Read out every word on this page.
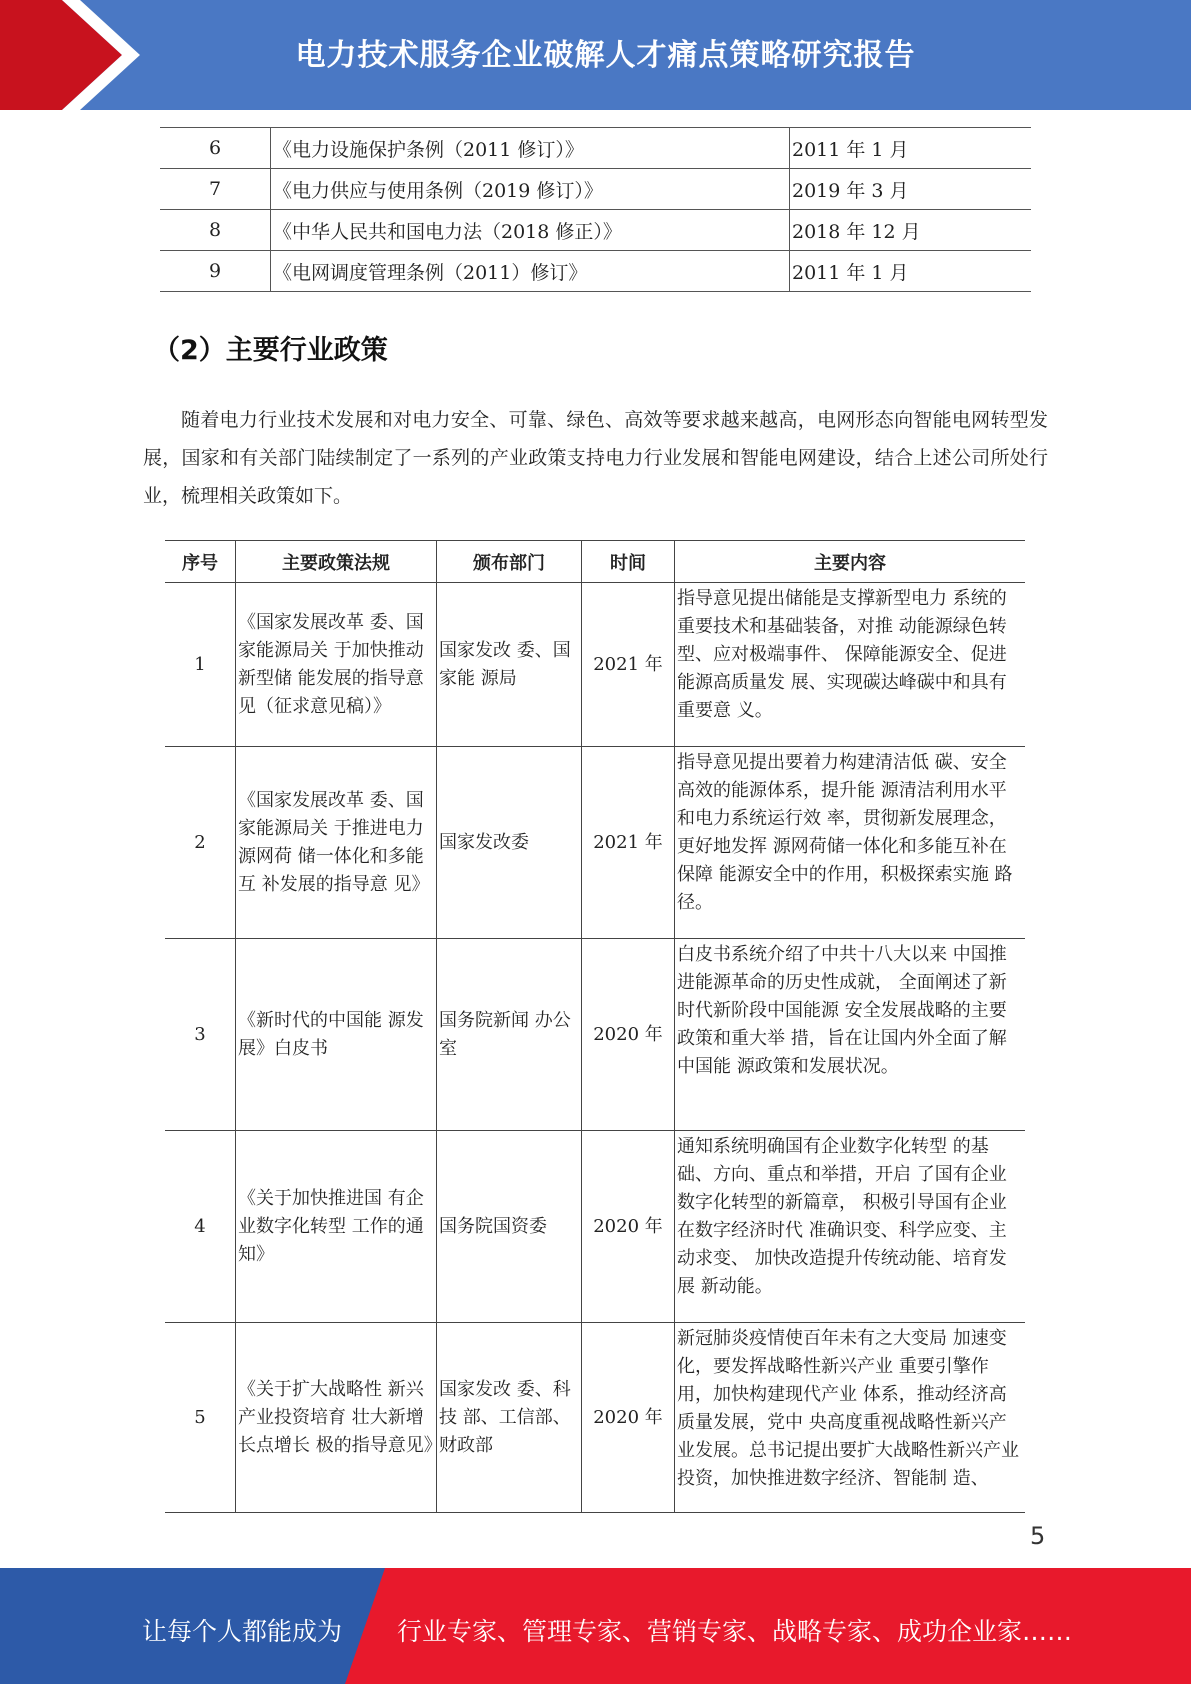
电力技术服务企业破解人才痛点策略研究报告
6	《电力设施保护条例（2011 修订）》	2011 年 1 月
7	《电力供应与使用条例（2019 修订）》	2019 年 3 月
8	《中华人民共和国电力法（2018 修正）》	2018 年 12 月
9	《电网调度管理条例（2011）修订》	2011 年 1 月
（2）主要行业政策

随着电力行业技术发展和对电力安全、可靠、绿色、高效等要求越来越高，电网形态向智能电网转型发展，国家和有关部门陆续制定了一系列的产业政策支持电力行业发展和智能电网建设，结合上述公司所处行业，梳理相关政策如下。

序号	主要政策法规	颁布部门	时间	主要内容
1	《国家发展改革 委、国家能源局关 于加快推动新型储 能发展的指导意见（征求意见稿）》	国家发改 委、国家能 源局	2021 年	指导意见提出储能是支撑新型电力 系统的重要技术和基础装备，对推 动能源绿色转型、应对极端事件、 保障能源安全、促进能源高质量发 展、实现碳达峰碳中和具有重要意 义。
2	《国家发展改革 委、国家能源局关 于推进电力源网荷 储一体化和多能互 补发展的指导意 见》	国家发改委	2021 年	指导意见提出要着力构建清洁低 碳、安全高效的能源体系，提升能 源清洁利用水平和电力系统运行效 率，贯彻新发展理念，更好地发挥 源网荷储一体化和多能互补在保障 能源安全中的作用，积极探索实施 路径。
3	《新时代的中国能 源发展》白皮书	国务院新闻 办公室	2020 年	白皮书系统介绍了中共十八大以来 中国推进能源革命的历史性成就， 全面阐述了新时代新阶段中国能源 安全发展战略的主要政策和重大举 措，旨在让国内外全面了解中国能 源政策和发展状况。
4	《关于加快推进国 有企业数字化转型 工作的通知》	国务院国资委	2020 年	通知系统明确国有企业数字化转型 的基础、方向、重点和举措，开启 了国有企业数字化转型的新篇章， 积极引导国有企业在数字经济时代 准确识变、科学应变、主动求变、 加快改造提升传统动能、培育发展 新动能。
5	《关于扩大战略性 新兴产业投资培育 壮大新增长点增长 极的指导意见》	国家发改 委、科技 部、工信部、财政部	2020 年	新冠肺炎疫情使百年未有之大变局 加速变化，要发挥战略性新兴产业 重要引擎作用，加快构建现代产业 体系，推动经济高质量发展，党中 央高度重视战略性新兴产业发展。总书记提出要扩大战略性新兴产业 投资，加快推进数字经济、智能制 造、
5
让每个人都能成为 行业专家、管理专家、营销专家、战略专家、成功企业家……
